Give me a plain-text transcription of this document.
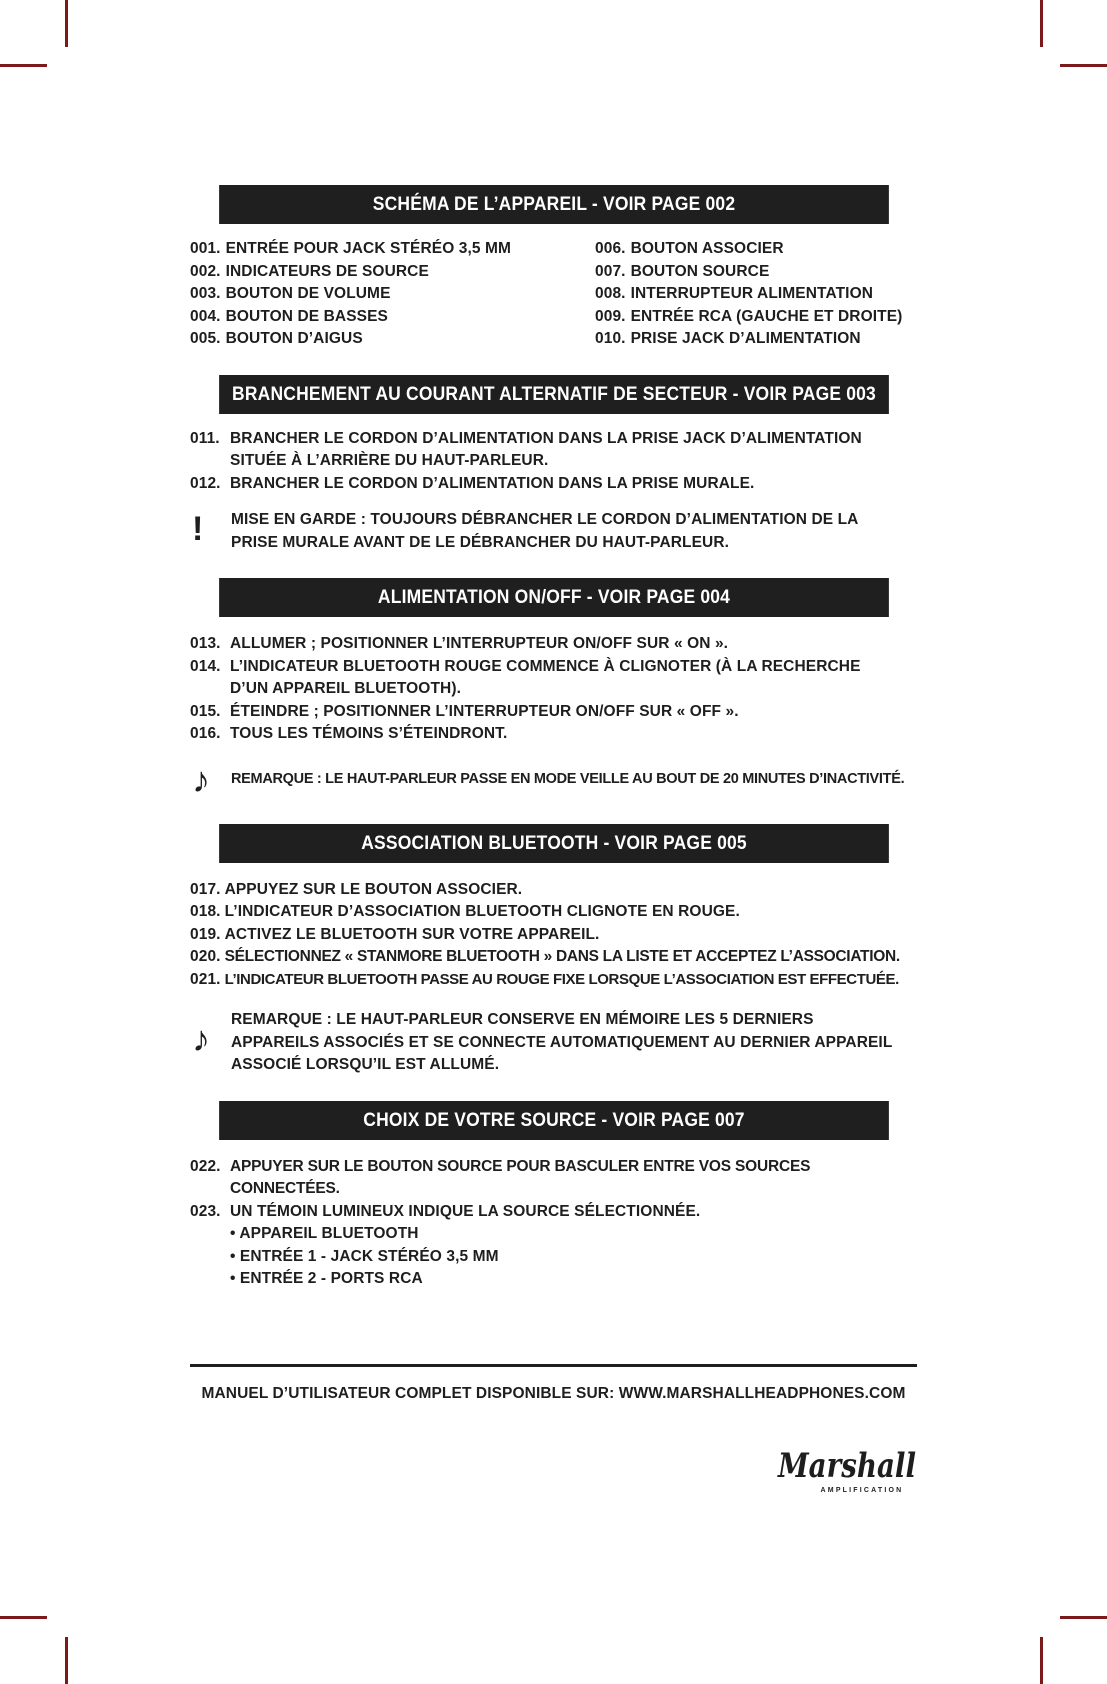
SCHÉMA DE L’APPAREIL - VOIR PAGE 002
001. ENTRÉE POUR JACK STÉRÉO 3,5 MM
002. INDICATEURS DE SOURCE
003. BOUTON DE VOLUME
004. BOUTON DE BASSES
005. BOUTON D’AIGUS
006. BOUTON ASSOCIER
007. BOUTON SOURCE
008. INTERRUPTEUR ALIMENTATION
009. ENTRÉE RCA (GAUCHE ET DROITE)
010. PRISE JACK D’ALIMENTATION
BRANCHEMENT AU COURANT ALTERNATIF DE SECTEUR - VOIR PAGE 003
011. BRANCHER LE CORDON D’ALIMENTATION DANS LA PRISE JACK D’ALIMENTATION SITUÉE À L’ARRIÈRE DU HAUT-PARLEUR.
012. BRANCHER LE CORDON D’ALIMENTATION DANS LA PRISE MURALE.
!	MISE EN GARDE : TOUJOURS DÉBRANCHER LE CORDON D’ALIMENTATION DE LA PRISE MURALE AVANT DE LE DÉBRANCHER DU HAUT-PARLEUR.
ALIMENTATION ON/OFF - VOIR PAGE 004
013. ALLUMER ; POSITIONNER L’INTERRUPTEUR ON/OFF SUR « ON ».
014. L’INDICATEUR BLUETOOTH ROUGE COMMENCE À CLIGNOTER (À LA RECHERCHE D’UN APPAREIL BLUETOOTH).
015. ÉTEINDRE ; POSITIONNER L’INTERRUPTEUR ON/OFF SUR « OFF ».
016. TOUS LES TÉMOINS S’ÉTEINDRONT.
♪	REMARQUE : LE HAUT-PARLEUR PASSE EN MODE VEILLE AU BOUT DE 20 MINUTES D’INACTIVITÉ.
ASSOCIATION BLUETOOTH - VOIR PAGE 005
017. APPUYEZ SUR LE BOUTON ASSOCIER.
018. L’INDICATEUR D’ASSOCIATION BLUETOOTH CLIGNOTE EN ROUGE.
019. ACTIVEZ LE BLUETOOTH SUR VOTRE APPAREIL.
020. SÉLECTIONNEZ « STANMORE BLUETOOTH » DANS LA LISTE ET ACCEPTEZ L’ASSOCIATION.
021. L’INDICATEUR BLUETOOTH PASSE AU ROUGE FIXE LORSQUE L’ASSOCIATION EST EFFECTUÉE.
♪	REMARQUE : LE HAUT-PARLEUR CONSERVE EN MÉMOIRE LES 5 DERNIERS APPAREILS ASSOCIÉS ET SE CONNECTE AUTOMATIQUEMENT AU DERNIER APPAREIL ASSOCIÉ LORSQU’IL EST ALLUMÉ.
CHOIX DE VOTRE SOURCE - VOIR PAGE 007
022. APPUYER SUR LE BOUTON SOURCE POUR BASCULER ENTRE VOS SOURCES CONNECTÉES.
023. UN TÉMOIN LUMINEUX INDIQUE LA SOURCE SÉLECTIONNÉE.
• APPAREIL BLUETOOTH
• ENTRÉE 1 - JACK STÉRÉO 3,5 MM
• ENTRÉE 2 - PORTS RCA
MANUEL D’UTILISATEUR COMPLET DISPONIBLE SUR: WWW.MARSHALLHEADPHONES.COM
Marshall
AMPLIFICATION
